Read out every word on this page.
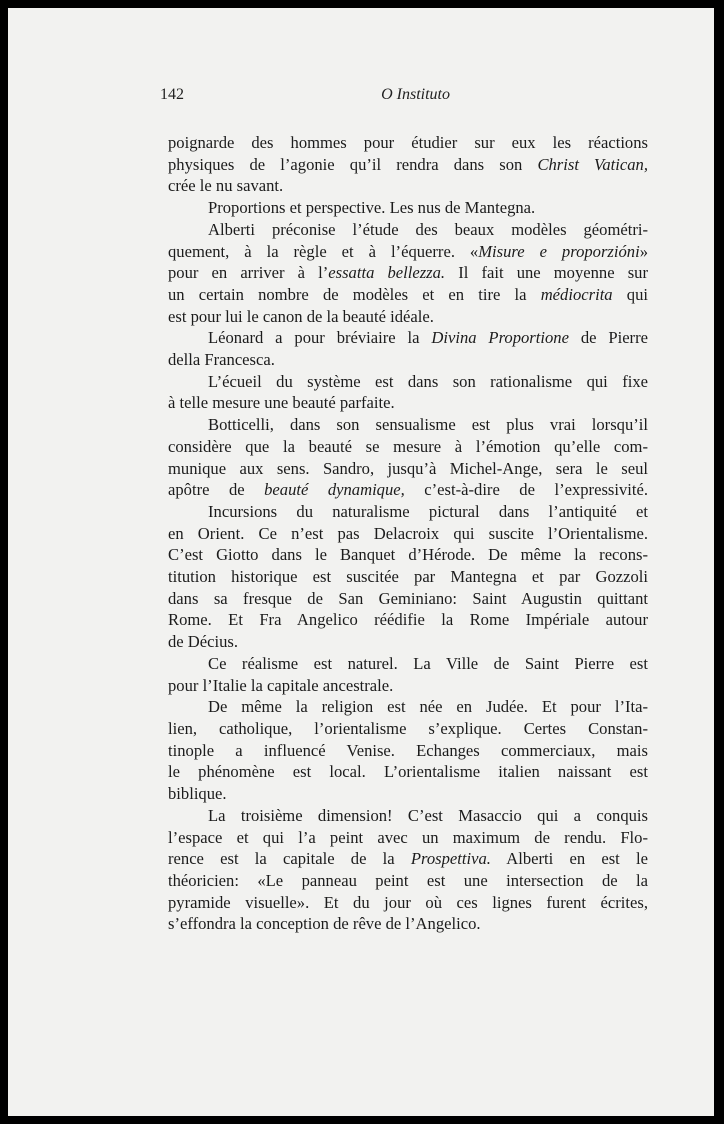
142	O Instituto
poignarde des hommes pour étudier sur eux les réactions
physiques de l’agonie qu’il rendra dans son Christ Vatican,
crée le nu savant.
Proportions et perspective. Les nus de Mantegna.
Alberti préconise l’étude des beaux modèles géométri-
quement, à la règle et à l’équerre. «Misure e proporzióni»
pour en arriver à l’essatta bellezza. Il fait une moyenne sur
un certain nombre de modèles et en tire la médiocrita qui
est pour lui le canon de la beauté idéale.
Léonard a pour bréviaire la Divina Proportione de Pierre
della Francesca.
L’écueil du système est dans son rationalisme qui fixe
à telle mesure une beauté parfaite.
Botticelli, dans son sensualisme est plus vrai lorsqu’il
considère que la beauté se mesure à l’émotion qu’elle com-
munique aux sens. Sandro, jusqu’à Michel-Ange, sera le seul
apôtre de beauté dynamique, c’est-à-dire de l’expressivité.
Incursions du naturalisme pictural dans l’antiquité et
en Orient. Ce n’est pas Delacroix qui suscite l’Orientalisme.
C’est Giotto dans le Banquet d’Hérode. De même la recons-
titution historique est suscitée par Mantegna et par Gozzoli
dans sa fresque de San Geminiano: Saint Augustin quittant
Rome. Et Fra Angelico réédifie la Rome Impériale autour
de Décius.
Ce réalisme est naturel. La Ville de Saint Pierre est
pour l’Italie la capitale ancestrale.
De même la religion est née en Judée. Et pour l’Ita-
lien, catholique, l’orientalisme s’explique. Certes Constan-
tinople a influencé Venise. Echanges commerciaux, mais
le phénomène est local. L’orientalisme italien naissant est
biblique.
La troisième dimension! C’est Masaccio qui a conquis
l’espace et qui l’a peint avec un maximum de rendu. Flo-
rence est la capitale de la Prospettiva. Alberti en est le
théoricien: «Le panneau peint est une intersection de la
pyramide visuelle». Et du jour où ces lignes furent écrites,
s’effondra la conception de rêve de l’Angelico.
